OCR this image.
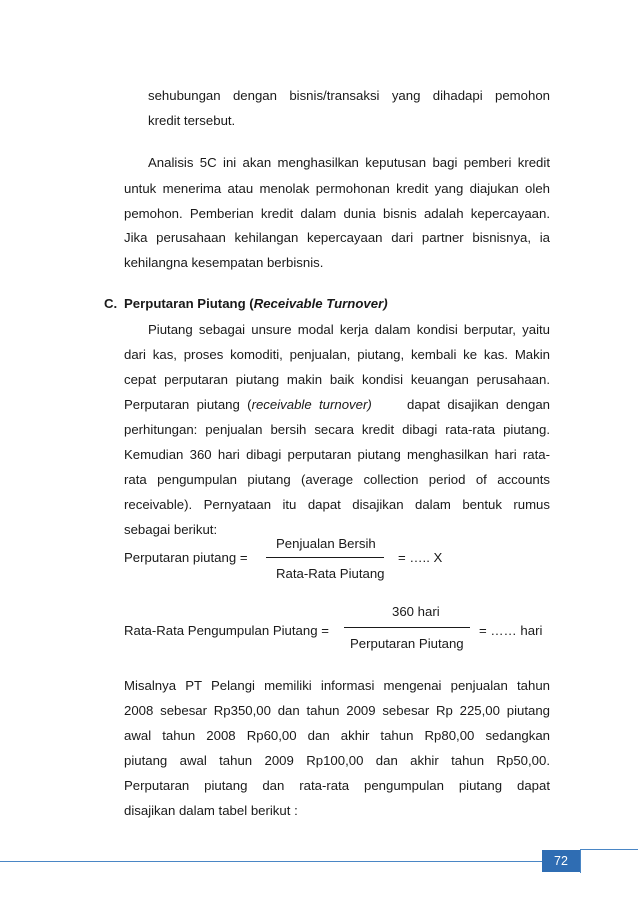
sehubungan dengan bisnis/transaksi yang dihadapi pemohon
kredit tersebut.
Analisis 5C ini akan menghasilkan keputusan bagi pemberi kredit
untuk menerima atau menolak permohonan kredit yang diajukan oleh
pemohon. Pemberian kredit dalam dunia bisnis adalah kepercayaan.
Jika perusahaan kehilangan kepercayaan dari partner bisnisnya, ia
kehilangna kesempatan berbisnis.
C. Perputaran Piutang (Receivable Turnover)
Piutang sebagai unsure modal kerja dalam kondisi berputar, yaitu
dari kas, proses komoditi, penjualan, piutang, kembali ke kas. Makin
cepat perputaran piutang makin baik kondisi keuangan perusahaan.
Perputaran  piutang  (receivable  turnover) dapat  disajikan  dengan
perhitungan: penjualan bersih secara kredit dibagi rata-rata piutang.
Kemudian 360 hari dibagi perputaran piutang menghasilkan hari rata-
rata pengumpulan piutang (average collection period of accounts
receivable). Pernyataan itu dapat disajikan dalam bentuk rumus
sebagai berikut:
Penjualan Bersih
Perputaran piutang =	= ….. X
Rata-Rata Piutang
360 hari
Rata-Rata Pengumpulan Piutang =	= …… hari
Perputaran Piutang
Misalnya PT Pelangi memiliki informasi mengenai penjualan tahun
2008 sebesar Rp350,00 dan tahun 2009 sebesar Rp 225,00 piutang
awal tahun 2008 Rp60,00 dan akhir tahun Rp80,00 sedangkan
piutang awal tahun 2009 Rp100,00 dan akhir tahun Rp50,00.
Perputaran piutang dan rata-rata pengumpulan piutang dapat
disajikan dalam tabel berikut :
72
